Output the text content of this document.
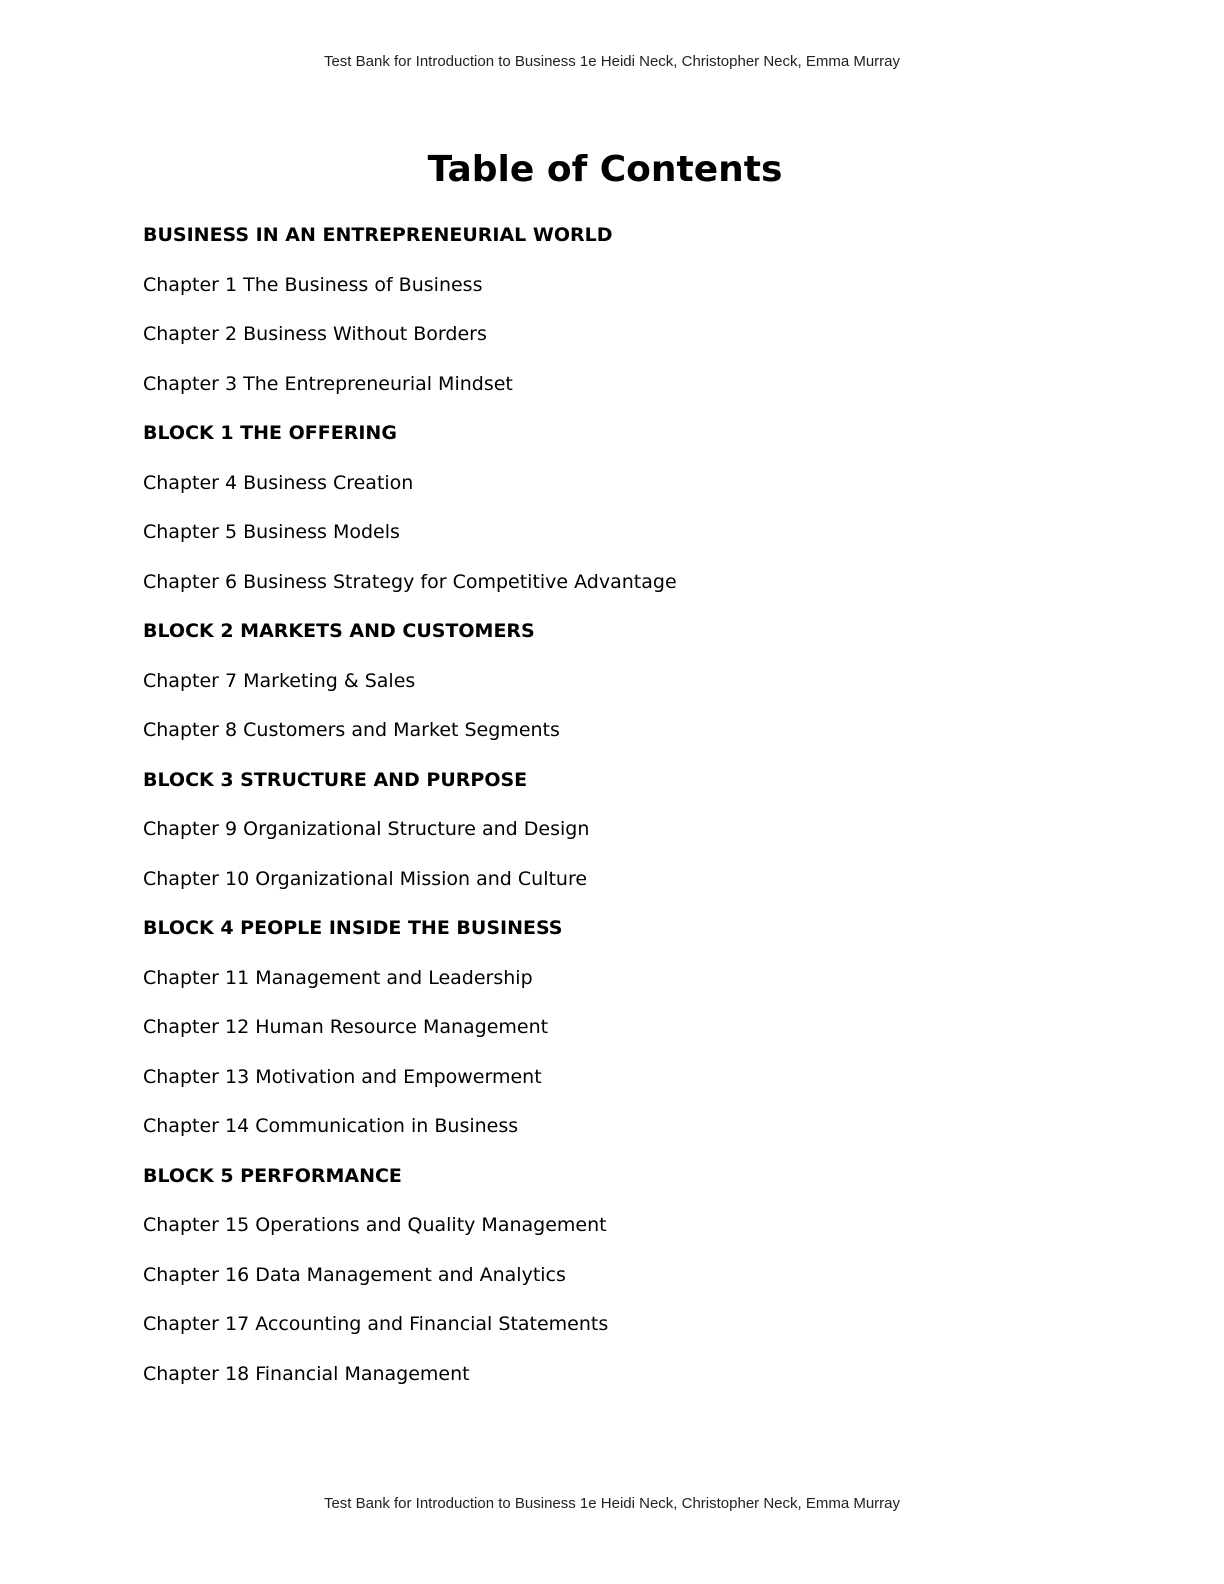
Test Bank for Introduction to Business 1e Heidi Neck, Christopher Neck, Emma Murray
Table of Contents
BUSINESS IN AN ENTREPRENEURIAL WORLD
Chapter 1 The Business of Business
Chapter 2 Business Without Borders
Chapter 3 The Entrepreneurial Mindset
BLOCK 1 THE OFFERING
Chapter 4 Business Creation
Chapter 5 Business Models
Chapter 6 Business Strategy for Competitive Advantage
BLOCK 2 MARKETS AND CUSTOMERS
Chapter 7 Marketing & Sales
Chapter 8 Customers and Market Segments
BLOCK 3 STRUCTURE AND PURPOSE
Chapter 9 Organizational Structure and Design
Chapter 10 Organizational Mission and Culture
BLOCK 4 PEOPLE INSIDE THE BUSINESS
Chapter 11 Management and Leadership
Chapter 12 Human Resource Management
Chapter 13 Motivation and Empowerment
Chapter 14 Communication in Business
BLOCK 5 PERFORMANCE
Chapter 15 Operations and Quality Management
Chapter 16 Data Management and Analytics
Chapter 17 Accounting and Financial Statements
Chapter 18 Financial Management
Test Bank for Introduction to Business 1e Heidi Neck, Christopher Neck, Emma Murray
